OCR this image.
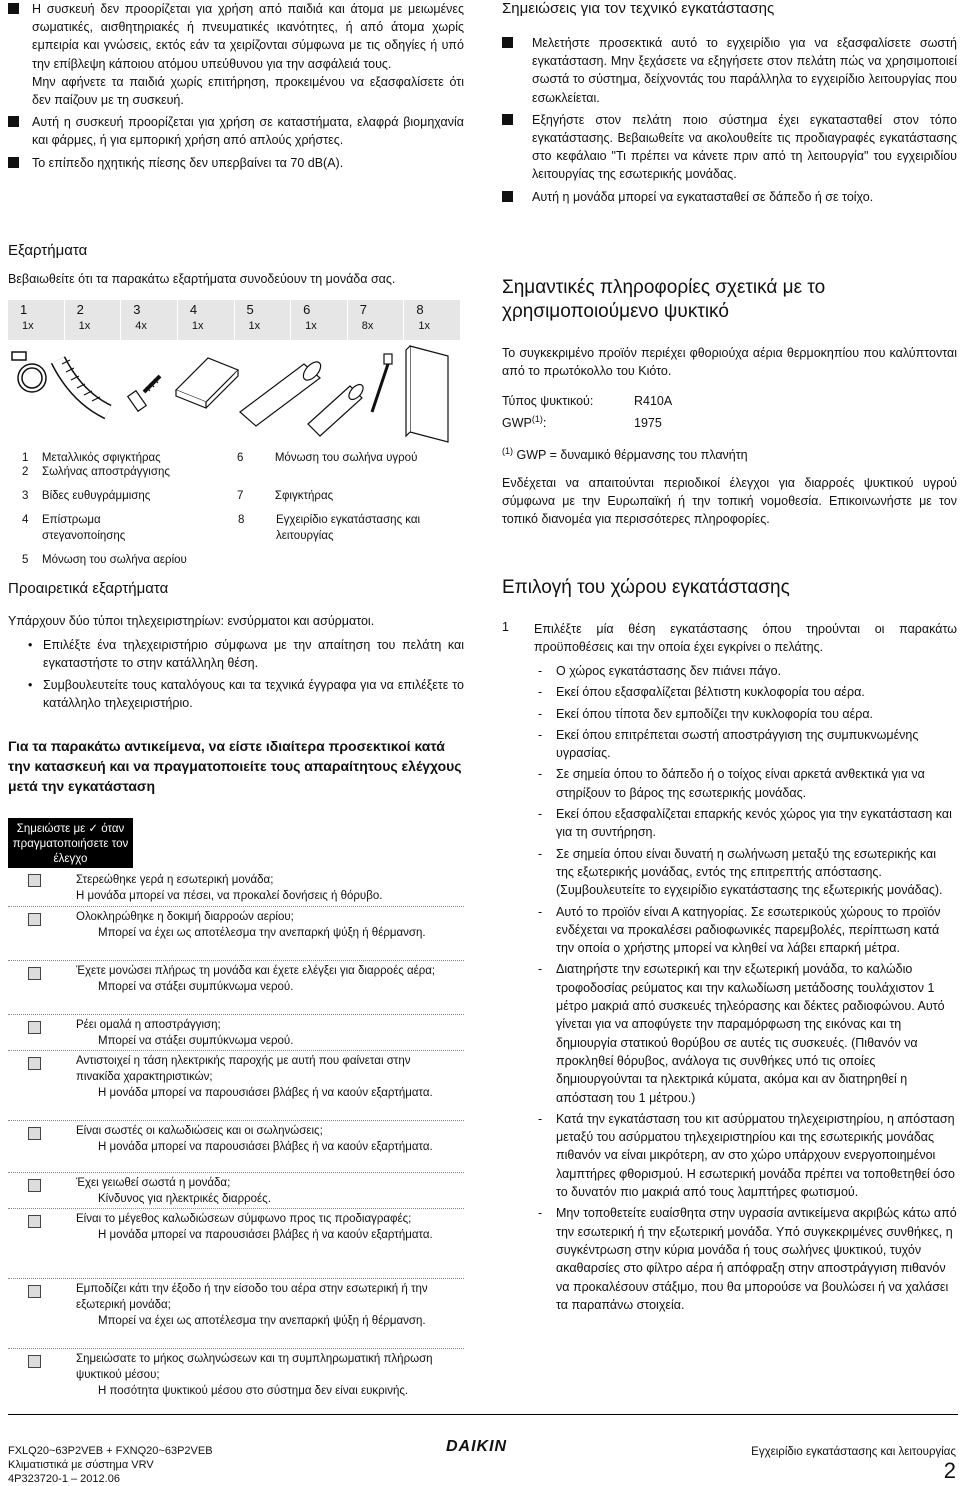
Η συσκευή δεν προορίζεται για χρήση από παιδιά και άτομα με μειωμένες σωματικές, αισθητηριακές ή πνευματικές ικανότητες, ή από άτομα χωρίς εμπειρία και γνώσεις, εκτός εάν τα χειρίζονται σύμφωνα με τις οδηγίες ή υπό την επίβλεψη κάποιου ατόμου υπεύθυνου για την ασφάλειά τους.
Μην αφήνετε τα παιδιά χωρίς επιτήρηση, προκειμένου να εξασφαλίσετε ότι δεν παίζουν με τη συσκευή.
Αυτή η συσκευή προορίζεται για χρήση σε καταστήματα, ελαφρά βιομηχανία και φάρμες, ή για εμπορική χρήση από απλούς χρήστες.
Το επίπεδο ηχητικής πίεσης δεν υπερβαίνει τα 70 dB(A).
Εξαρτήματα
Βεβαιωθείτε ότι τα παρακάτω εξαρτήματα συνοδεύουν τη μονάδα σας.
1
1x
2
1x
3
4x
4
1x
5
1x
6
1x
7
8x
8
1x
1	Μεταλλικός σφιγκτήρας	6	Μόνωση του σωλήνα υγρού
2	Σωλήνας αποστράγγισης
3	Βίδες ευθυγράμμισης	7	Σφιγκτήρας
4	Επίστρωμα στεγανοποίησης
8	Εγχειρίδιο εγκατάστασης και λειτουργίας
5	Μόνωση του σωλήνα αερίου
Προαιρετικά εξαρτήματα
Υπάρχουν δύο τύποι τηλεχειριστηρίων: ενσύρματοι και ασύρματοι.
• Επιλέξτε ένα τηλεχειριστήριο σύμφωνα με την απαίτηση του πελάτη και εγκαταστήστε το στην κατάλληλη θέση.
• Συμβουλευτείτε τους καταλόγους και τα τεχνικά έγγραφα για να επιλέξετε το κατάλληλο τηλεχειριστήριο.
Για τα παρακάτω αντικείμενα, να είστε ιδιαίτερα προσεκτικοί κατά την κατασκευή και να πραγματοποιείτε τους απαραίτητους ελέγχους μετά την εγκατάσταση
Σημειώστε με ✓ όταν πραγματοποιήσετε τον έλεγχο
Στερεώθηκε γερά η εσωτερική μονάδα;
Η μονάδα μπορεί να πέσει, να προκαλεί δονήσεις ή θόρυβο.
Ολοκληρώθηκε η δοκιμή διαρροών αερίου;
Μπορεί να έχει ως αποτέλεσμα την ανεπαρκή ψύξη ή θέρμανση.
Έχετε μονώσει πλήρως τη μονάδα και έχετε ελέγξει για διαρροές αέρα;
Μπορεί να στάξει συμπύκνωμα νερού.
Ρέει ομαλά η αποστράγγιση;
Μπορεί να στάξει συμπύκνωμα νερού.
Αντιστοιχεί η τάση ηλεκτρικής παροχής με αυτή που φαίνεται στην πινακίδα χαρακτηριστικών;
Η μονάδα μπορεί να παρουσιάσει βλάβες ή να καούν εξαρτήματα.
Είναι σωστές οι καλωδιώσεις και οι σωληνώσεις;
Η μονάδα μπορεί να παρουσιάσει βλάβες ή να καούν εξαρτήματα.
Έχει γειωθεί σωστά η μονάδα;
Κίνδυνος για ηλεκτρικές διαρροές.
Είναι το μέγεθος καλωδιώσεων σύμφωνο προς τις προδιαγραφές;
Η μονάδα μπορεί να παρουσιάσει βλάβες ή να καούν εξαρτήματα.
Εμποδίζει κάτι την έξοδο ή την είσοδο του αέρα στην εσωτερική ή την εξωτερική μονάδα;
Μπορεί να έχει ως αποτέλεσμα την ανεπαρκή ψύξη ή θέρμανση.
Σημειώσατε το μήκος σωληνώσεων και τη συμπληρωματική πλήρωση ψυκτικού μέσου;
Η ποσότητα ψυκτικού μέσου στο σύστημα δεν είναι ευκρινής.
Σημειώσεις για τον τεχνικό εγκατάστασης
Μελετήστε προσεκτικά αυτό το εγχειρίδιο για να εξασφαλίσετε σωστή εγκατάσταση. Μην ξεχάσετε να εξηγήσετε στον πελάτη πώς να χρησιμοποιεί σωστά το σύστημα, δείχνοντάς του παράλληλα το εγχειρίδιο λειτουργίας που εσωκλείεται.
Εξηγήστε στον πελάτη ποιο σύστημα έχει εγκατασταθεί στον τόπο εγκατάστασης. Βεβαιωθείτε να ακολουθείτε τις προδιαγραφές εγκατάστασης στο κεφάλαιο "Τι πρέπει να κάνετε πριν από τη λειτουργία" του εγχειριδίου λειτουργίας της εσωτερικής μονάδας.
Αυτή η μονάδα μπορεί να εγκατασταθεί σε δάπεδο ή σε τοίχο.
Σημαντικές πληροφορίες σχετικά με το χρησιμοποιούμενο ψυκτικό
Το συγκεκριμένο προϊόν περιέχει φθοριούχα αέρια θερμοκηπίου που καλύπτονται από το πρωτόκολλο του Κιότο.
Τύπος ψυκτικού:	R410A
GWP$^{(1)}$:	1975
$^{(1)}$ GWP = δυναμικό θέρμανσης του πλανήτη
Ενδέχεται να απαιτούνται περιοδικοί έλεγχοι για διαρροές ψυκτικού υγρού σύμφωνα με την Ευρωπαϊκή ή την τοπική νομοθεσία. Επικοινωνήστε με τον τοπικό διανομέα για περισσότερες πληροφορίες.
Επιλογή του χώρου εγκατάστασης
1 Επιλέξτε μία θέση εγκατάστασης όπου τηρούνται οι παρακάτω προϋποθέσεις και την οποία έχει εγκρίνει ο πελάτης.
- Ο χώρος εγκατάστασης δεν πιάνει πάγο.
- Εκεί όπου εξασφαλίζεται βέλτιστη κυκλοφορία του αέρα.
- Εκεί όπου τίποτα δεν εμποδίζει την κυκλοφορία του αέρα.
- Εκεί όπου επιτρέπεται σωστή αποστράγγιση της συμπυκνωμένης υγρασίας.
- Σε σημεία όπου το δάπεδο ή ο τοίχος είναι αρκετά ανθεκτικά για να στηρίξουν το βάρος της εσωτερικής μονάδας.
- Εκεί όπου εξασφαλίζεται επαρκής κενός χώρος για την εγκατάσταση και για τη συντήρηση.
- Σε σημεία όπου είναι δυνατή η σωλήνωση μεταξύ της εσωτερικής και της εξωτερικής μονάδας, εντός της επιτρεπτής απόστασης. (Συμβουλευτείτε το εγχειρίδιο εγκατάστασης της εξωτερικής μονάδας).
- Αυτό το προϊόν είναι Α κατηγορίας. Σε εσωτερικούς χώρους το προϊόν ενδέχεται να προκαλέσει ραδιοφωνικές παρεμβολές, περίπτωση κατά την οποία ο χρήστης μπορεί να κληθεί να λάβει επαρκή μέτρα.
- Διατηρήστε την εσωτερική και την εξωτερική μονάδα, το καλώδιο τροφοδοσίας ρεύματος και την καλωδίωση μετάδοσης τουλάχιστον 1 μέτρο μακριά από συσκευές τηλεόρασης και δέκτες ραδιοφώνου. Αυτό γίνεται για να αποφύγετε την παραμόρφωση της εικόνας και τη δημιουργία στατικού θορύβου σε αυτές τις συσκευές. (Πιθανόν να προκληθεί θόρυβος, ανάλογα τις συνθήκες υπό τις οποίες δημιουργούνται τα ηλεκτρικά κύματα, ακόμα και αν διατηρηθεί η απόσταση του 1 μέτρου.)
- Κατά την εγκατάσταση του κιτ ασύρματου τηλεχειριστηρίου, η απόσταση μεταξύ του ασύρματου τηλεχειριστηρίου και της εσωτερικής μονάδας πιθανόν να είναι μικρότερη, αν στο χώρο υπάρχουν ενεργοποιημένοι λαμπτήρες φθορισμού. Η εσωτερική μονάδα πρέπει να τοποθετηθεί όσο το δυνατόν πιο μακριά από τους λαμπτήρες φωτισμού.
- Μην τοποθετείτε ευαίσθητα στην υγρασία αντικείμενα ακριβώς κάτω από την εσωτερική ή την εξωτερική μονάδα. Υπό συγκεκριμένες συνθήκες, η συγκέντρωση στην κύρια μονάδα ή τους σωλήνες ψυκτικού, τυχόν ακαθαρσίες στο φίλτρο αέρα ή απόφραξη στην αποστράγγιση πιθανόν να προκαλέσουν στάξιμο, που θα μπορούσε να βουλώσει ή να χαλάσει τα παραπάνω στοιχεία.
FXLQ20~63P2VEB + FXNQ20~63P2VEB
Κλιματιστικά με σύστημα VRV
4P323720-1 – 2012.06
DAIKIN	Εγχειρίδιο εγκατάστασης και λειτουργίας
2
